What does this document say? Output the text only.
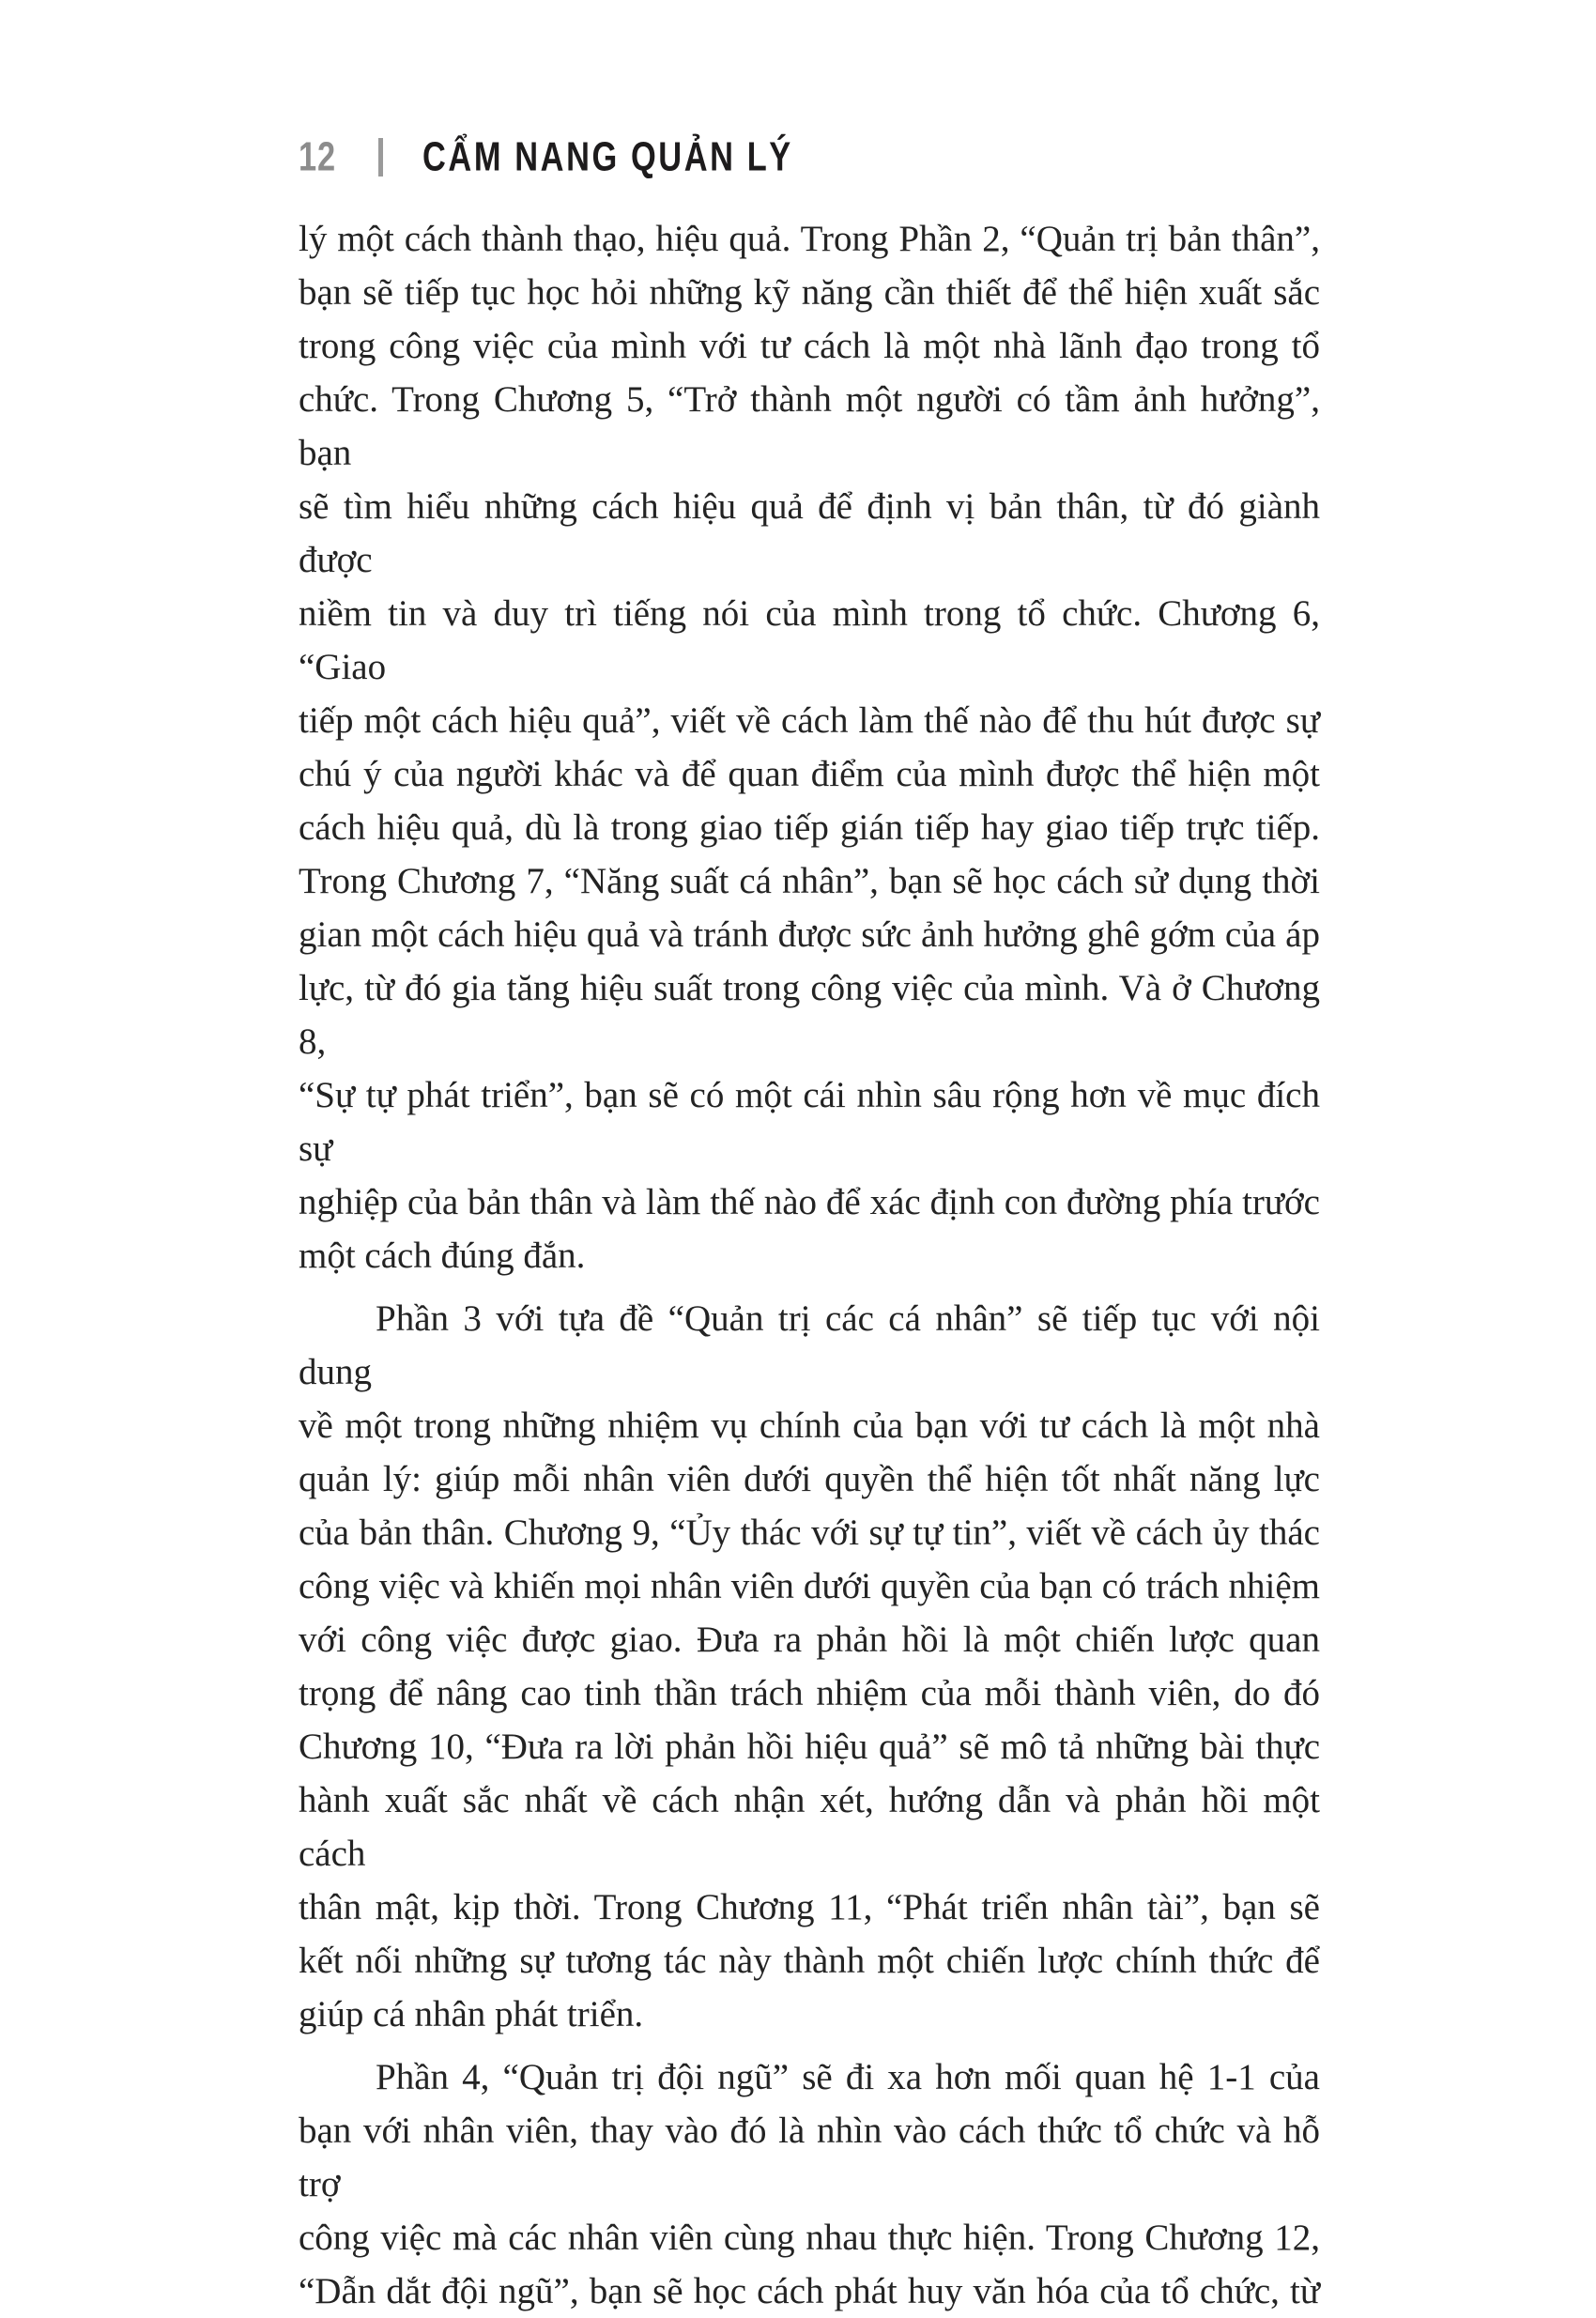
12 CẨM NANG QUẢN LÝ
lý một cách thành thạo, hiệu quả. Trong Phần 2, “Quản trị bản thân”,
bạn sẽ tiếp tục học hỏi những kỹ năng cần thiết để thể hiện xuất sắc
trong công việc của mình với tư cách là một nhà lãnh đạo trong tổ
chức. Trong Chương 5, “Trở thành một người có tầm ảnh hưởng”, bạn
sẽ tìm hiểu những cách hiệu quả để định vị bản thân, từ đó giành được
niềm tin và duy trì tiếng nói của mình trong tổ chức. Chương 6, “Giao
tiếp một cách hiệu quả”, viết về cách làm thế nào để thu hút được sự
chú ý của người khác và để quan điểm của mình được thể hiện một
cách hiệu quả, dù là trong giao tiếp gián tiếp hay giao tiếp trực tiếp.
Trong Chương 7, “Năng suất cá nhân”, bạn sẽ học cách sử dụng thời
gian một cách hiệu quả và tránh được sức ảnh hưởng ghê gớm của áp
lực, từ đó gia tăng hiệu suất trong công việc của mình. Và ở Chương 8,
“Sự tự phát triển”, bạn sẽ có một cái nhìn sâu rộng hơn về mục đích sự
nghiệp của bản thân và làm thế nào để xác định con đường phía trước
một cách đúng đắn.
Phần 3 với tựa đề “Quản trị các cá nhân” sẽ tiếp tục với nội dung
về một trong những nhiệm vụ chính của bạn với tư cách là một nhà
quản lý: giúp mỗi nhân viên dưới quyền thể hiện tốt nhất năng lực
của bản thân. Chương 9, “Ủy thác với sự tự tin”, viết về cách ủy thác
công việc và khiến mọi nhân viên dưới quyền của bạn có trách nhiệm
với công việc được giao. Đưa ra phản hồi là một chiến lược quan
trọng để nâng cao tinh thần trách nhiệm của mỗi thành viên, do đó
Chương 10, “Đưa ra lời phản hồi hiệu quả” sẽ mô tả những bài thực
hành xuất sắc nhất về cách nhận xét, hướng dẫn và phản hồi một cách
thân mật, kịp thời. Trong Chương 11, “Phát triển nhân tài”, bạn sẽ
kết nối những sự tương tác này thành một chiến lược chính thức để
giúp cá nhân phát triển.
Phần 4, “Quản trị đội ngũ” sẽ đi xa hơn mối quan hệ 1-1 của
bạn với nhân viên, thay vào đó là nhìn vào cách thức tổ chức và hỗ trợ
công việc mà các nhân viên cùng nhau thực hiện. Trong Chương 12,
“Dẫn dắt đội ngũ”, bạn sẽ học cách phát huy văn hóa của tổ chức, từ
